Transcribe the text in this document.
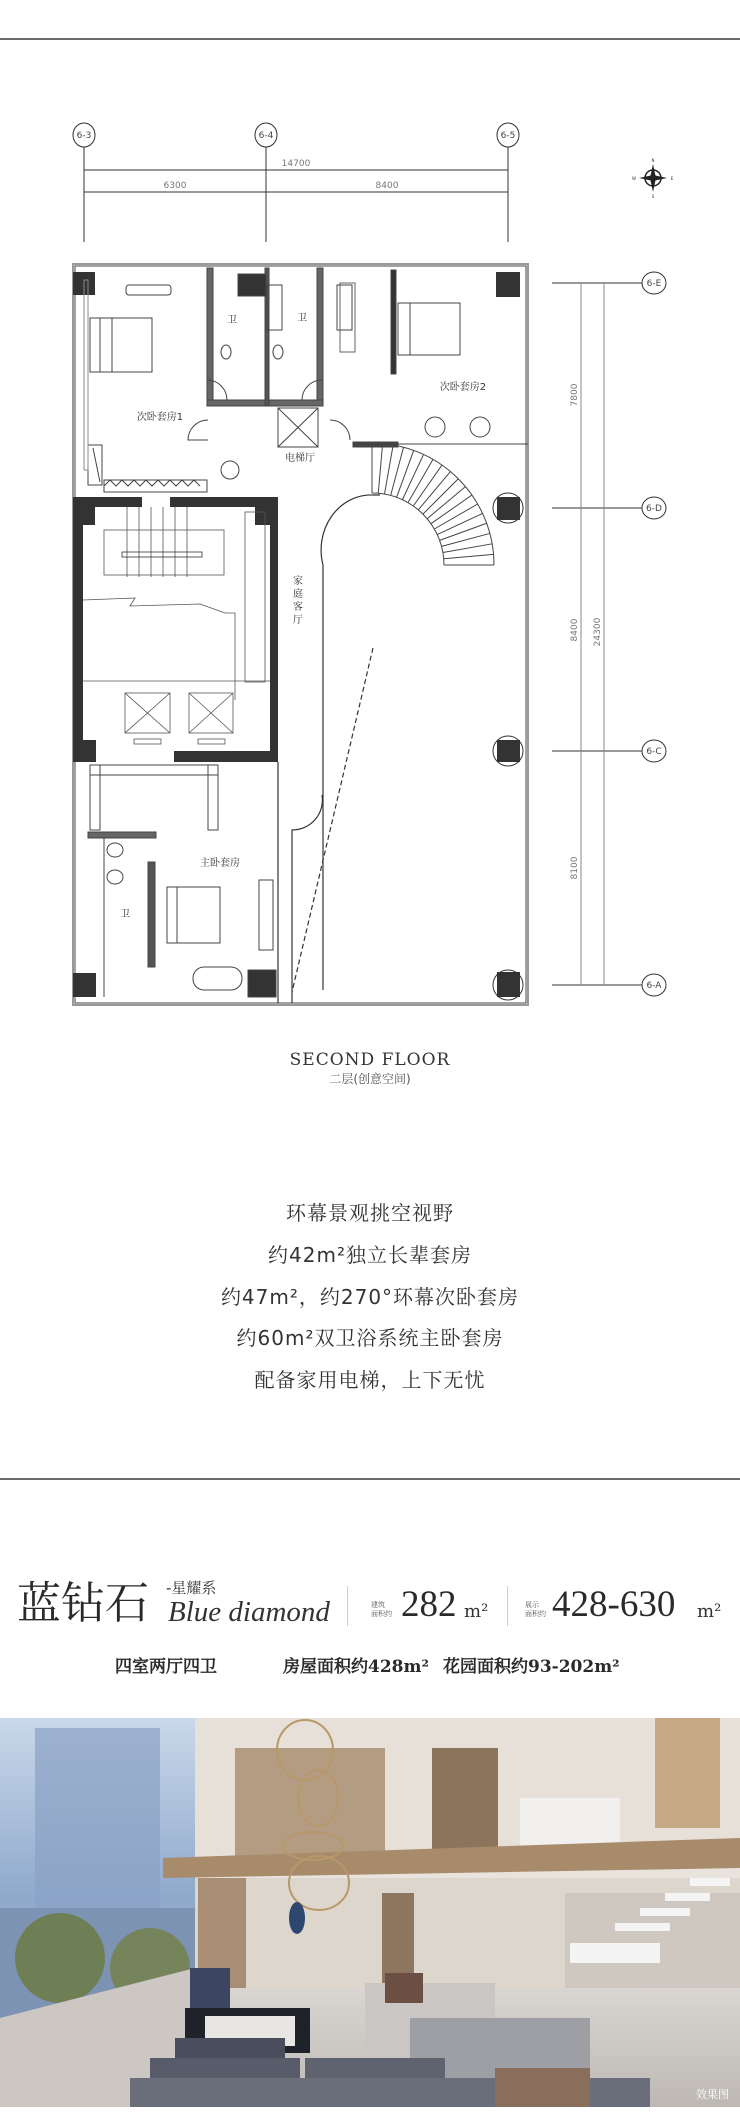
6-3	6-4	6-5
6-E
6-D
6-C
6-A
14700
6300	8400
7800
8400 24300
8100
N
S
E
W
次卧套房1
次卧套房2
电梯厅
家
庭
客
厅
卫	卫
主卧套房
卫
SECOND FLOOR
二层(创意空间)
环幕景观挑空视野
约42m²独立长辈套房
约47m²，约270°环幕次卧套房
约60m²双卫浴系统主卧套房
配备家用电梯，上下无忧
蓝钻石 -星耀系
Blue diamond	建筑
面积约 282 m²	展示
面积约 428-630 m²
四室两厅四卫	房屋面积约428m² 花园面积约93-202m²
效果图
